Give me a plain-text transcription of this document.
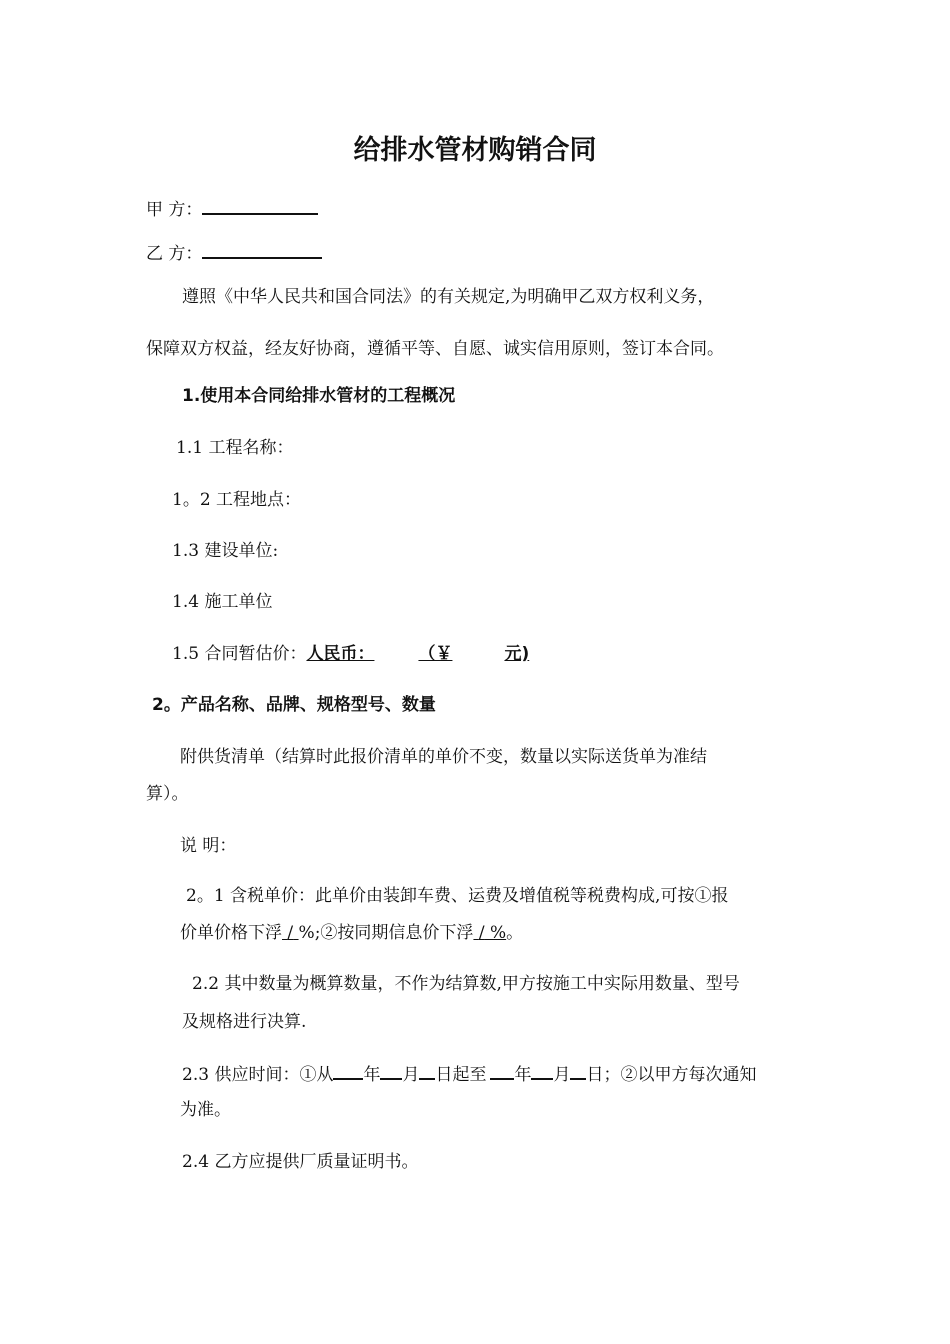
给排水管材购销合同
甲 方：
乙 方：
遵照《中华人民共和国合同法》的有关规定,为明确甲乙双方权利义务，
保障双方权益，经友好协商，遵循平等、自愿、诚实信用原则，签订本合同。
1.使用本合同给排水管材的工程概况
1.1 工程名称：
1。2 工程地点：
1.3 建设单位:
1.4 施工单位
1.5 合同暂估价：人民币：	（￥	元)
2。产品名称、品牌、规格型号、数量
附供货清单（结算时此报价清单的单价不变，数量以实际送货单为准结
算）。
说 明：
2。1 含税单价：此单价由装卸车费、运费及增值税等税费构成,可按①报
价单价格下浮 / %;②按同期信息价下浮 / %。
2.2 其中数量为概算数量，不作为结算数,甲方按施工中实际用数量、型号
及规格进行决算.
2.3 供应时间：①从 年 月 日起至 年 月 日；②以甲方每次通知
为准。
2.4 乙方应提供厂质量证明书。
